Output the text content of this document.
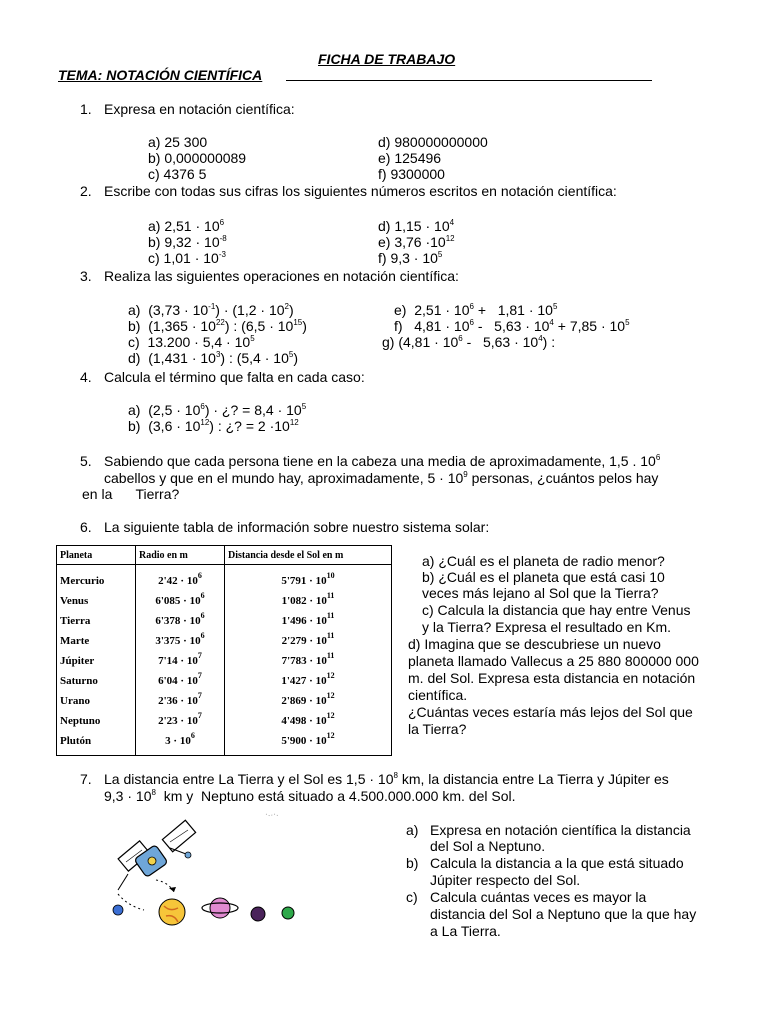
FICHA DE TRABAJO
TEMA: NOTACIÓN CIENTÍFICA
1. Expresa en notación científica:
a) 25 300
b) 0,000000089
c) 4376 5
d) 980000000000
e) 125496
f) 9300000
2. Escribe con todas sus cifras los siguientes números escritos en notación científica:
a) $2,51 \cdot 10^6$
b) $9,32 \cdot 10^{-8}$
c) $1,01 \cdot 10^{-3}$
d) $1,15 \cdot 10^4$
e) $3,76 \cdot 10^{12}$
f) $9,3 \cdot 10^5$
3. Realiza las siguientes operaciones en notación científica:
a)  $(3,73 \cdot 10^{-1}) \cdot (1,2 \cdot 10^2)$
b)  $(1,365 \cdot 10^{22})$ : $(6,5 \cdot 10^{15})$
c)  $13.200 \cdot 5,4 \cdot 10^5$
d)  $(1,431 \cdot 10^3)$ : $(5,4 \cdot 10^5)$
e)  $2,51 \cdot 10^6 + 1,81 \cdot 10^5$
f)   $4,81 \cdot 10^6 - 5,63 \cdot 10^4 + 7,85 \cdot 10^5$
g) $(4,81 \cdot 10^6 - 5,63 \cdot 10^4)$ :
4. Calcula el término que falta en cada caso:
a)  $(2,5 \cdot 10^6)$ · ¿? = $8,4 \cdot 10^5$
b)  $(3,6 \cdot 10^{12})$ : ¿? = $2 \cdot 10^{12}$
5. Sabiendo que cada persona tiene en la cabeza una media de aproximadamente, 1,5 . $10^6$
cabellos y que en el mundo hay, aproximadamente, $5 \cdot 10^9$ personas, ¿cuántos pelos hay
en la      Tierra?
6. La siguiente tabla de información sobre nuestro sistema solar:
Planeta	Radio en m	Distancia desde el Sol en m
Mercurio	$2'42 \cdot 10^6$	$5'791 \cdot 10^{10}$
Venus	$6'085 \cdot 10^6$	$1'082 \cdot 10^{11}$
Tierra	$6'378 \cdot 10^6$	$1'496 \cdot 10^{11}$
Marte	$3'375 \cdot 10^6$	$2'279 \cdot 10^{11}$
Júpiter	$7'14 \cdot 10^7$	$7'783 \cdot 10^{11}$
Saturno	$6'04 \cdot 10^7$	$1'427 \cdot 10^{12}$
Urano	$2'36 \cdot 10^7$	$2'869 \cdot 10^{12}$
Neptuno	$2'23 \cdot 10^7$	$4'498 \cdot 10^{12}$
Plutón	$3 \cdot 10^6$	$5'900 \cdot 10^{12}$
a) ¿Cuál es el planeta de radio menor?
b) ¿Cuál es el planeta que está casi 10
veces más lejano al Sol que la Tierra?
c) Calcula la distancia que hay entre Venus
y la Tierra? Expresa el resultado en Km.
d) Imagina que se descubriese un nuevo
planeta llamado Vallecus a 25 880 800000 000
m. del Sol. Expresa esta distancia en notación
científica.
¿Cuántas veces estaría más lejos del Sol que
la Tierra?
7. La distancia entre La Tierra y el Sol es $1,5 \cdot 10^8$ km, la distancia entre La Tierra y Júpiter es
$9,3 \cdot 10^8$  km y  Neptuno está situado a 4.500.000.000 km. del Sol.
a) Expresa en notación científica la distancia
del Sol a Neptuno.
b) Calcula la distancia a la que está situado
Júpiter respecto del Sol.
c) Calcula cuántas veces es mayor la
distancia del Sol a Neptuno que la que hay
a La Tierra.
